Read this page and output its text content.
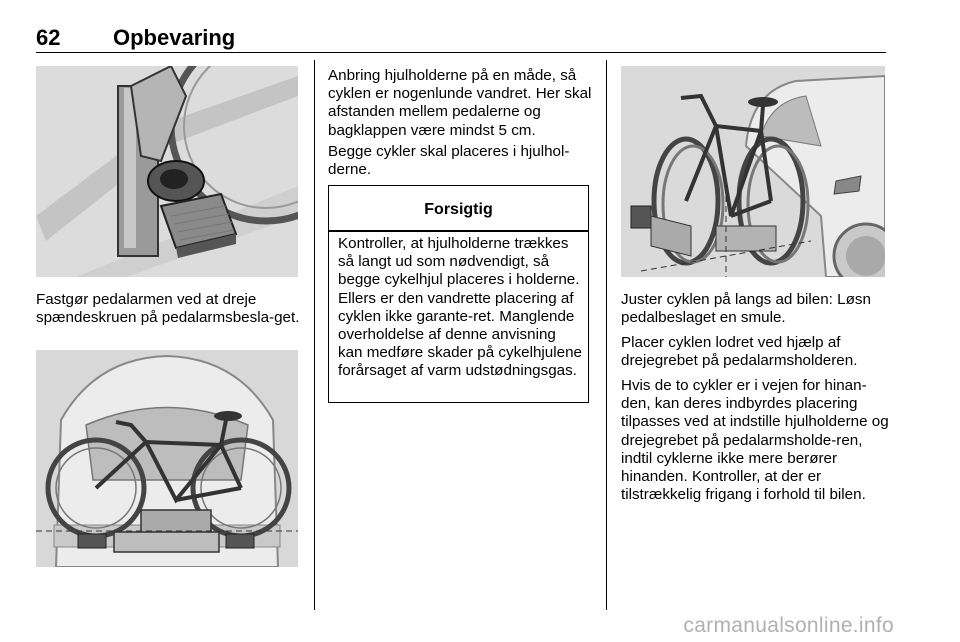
62 Opbevaring

Fastgør pedalarmen ved at dreje spændeskruen på pedalarmsbesla-get.

Anbring hjulholderne på en måde, så cyklen er nogenlunde vandret. Her skal afstanden mellem pedalerne og bagklappen være mindst 5 cm.

Begge cykler skal placeres i hjulhol-derne.

Forsigtig

Kontroller, at hjulholderne trækkes så langt ud som nødvendigt, så begge cykelhjul placeres i holderne. Ellers er den vandrette placering af cyklen ikke garante-ret. Manglende overholdelse af denne anvisning kan medføre skader på cykelhjulene forårsaget af varm udstødningsgas.

Juster cyklen på langs ad bilen: Løsn pedalbeslaget en smule.

Placer cyklen lodret ved hjælp af drejegrebet på pedalarmsholderen.

Hvis de to cykler er i vejen for hinan-den, kan deres indbyrdes placering tilpasses ved at indstille hjulholderne og drejegrebet på pedalarmsholde-ren, indtil cyklerne ikke mere berører hinanden. Kontroller, at der er tilstrækkelig frigang i forhold til bilen.

carmanualsonline.info
